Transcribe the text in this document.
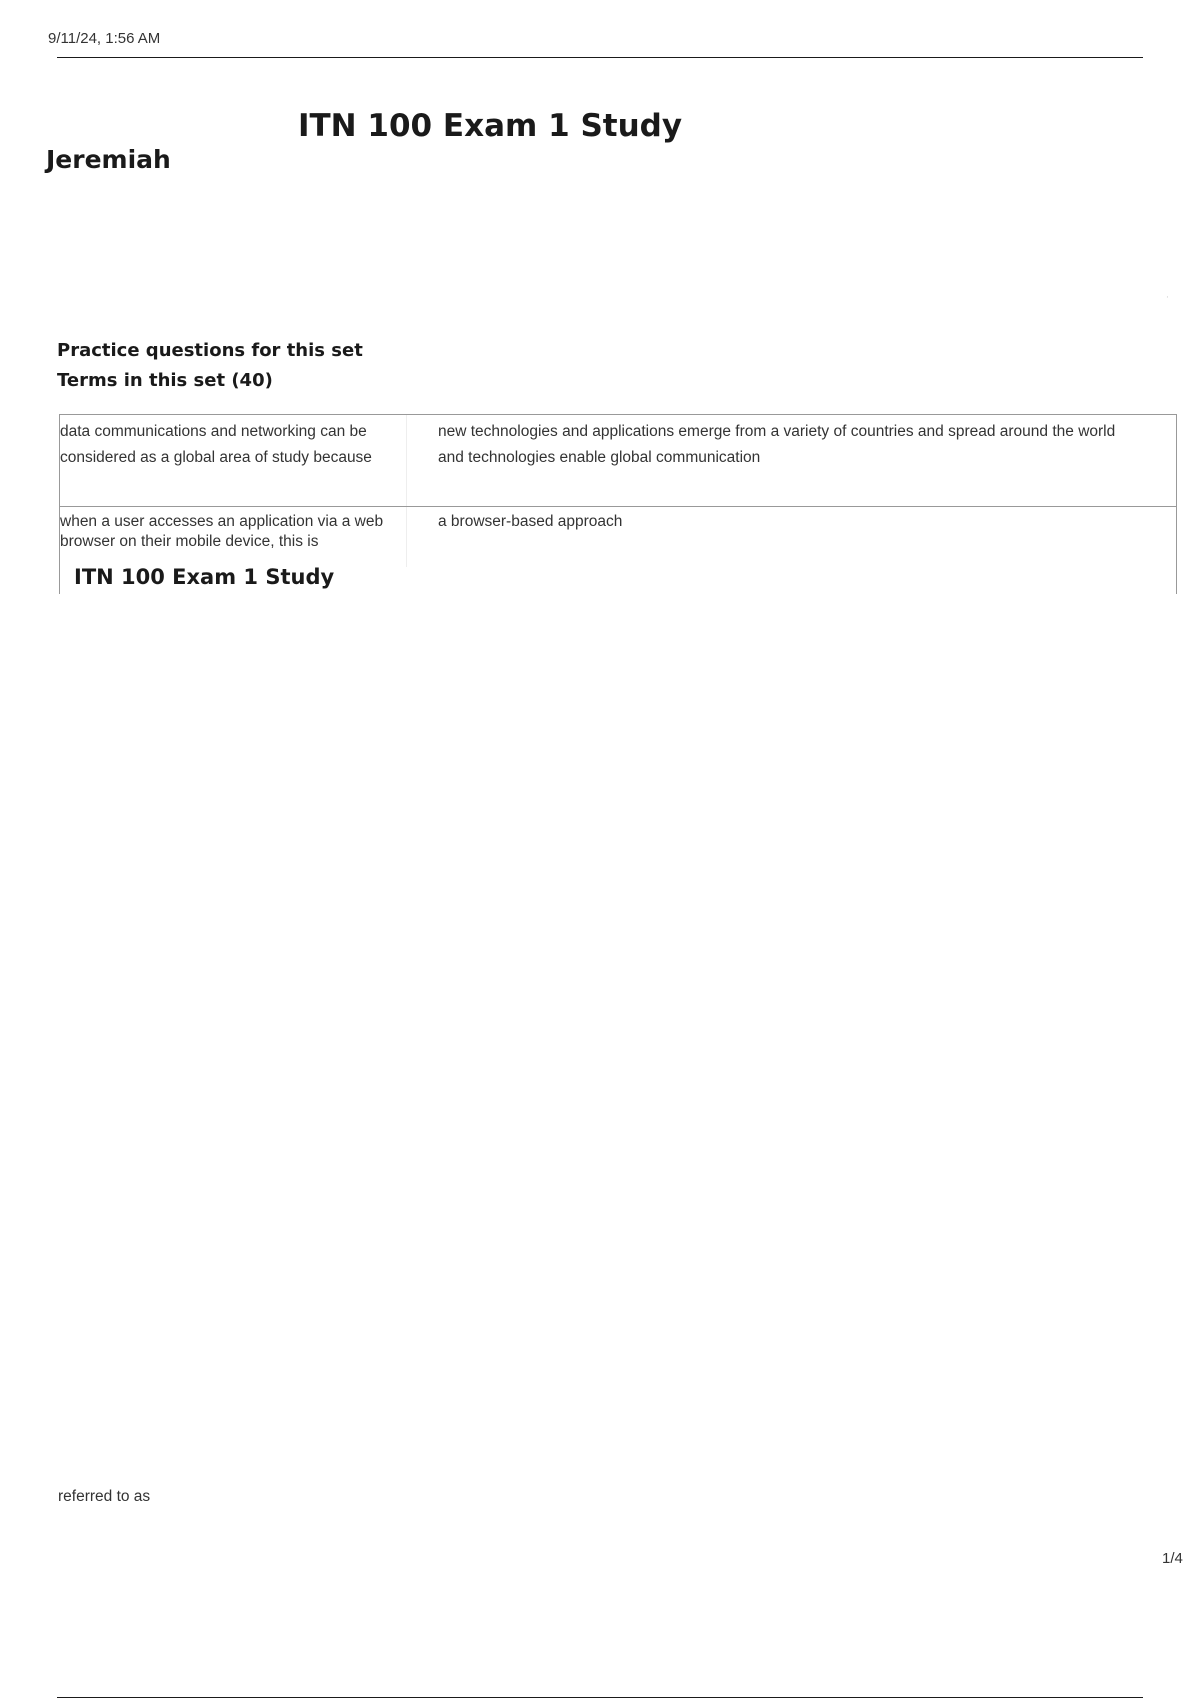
9/11/24, 1:56 AM
ITN 100 Exam 1 Study
Jeremiah
·
Practice questions for this set
Terms in this set (40)
data communications and networking can be considered as a global area of study because
new technologies and applications emerge from a variety of countries and spread around the world and technologies enable global communication
when a user accesses an application via a web browser on their mobile device, this is
a browser-based approach
ITN 100 Exam 1 Study
referred to as
1/4
